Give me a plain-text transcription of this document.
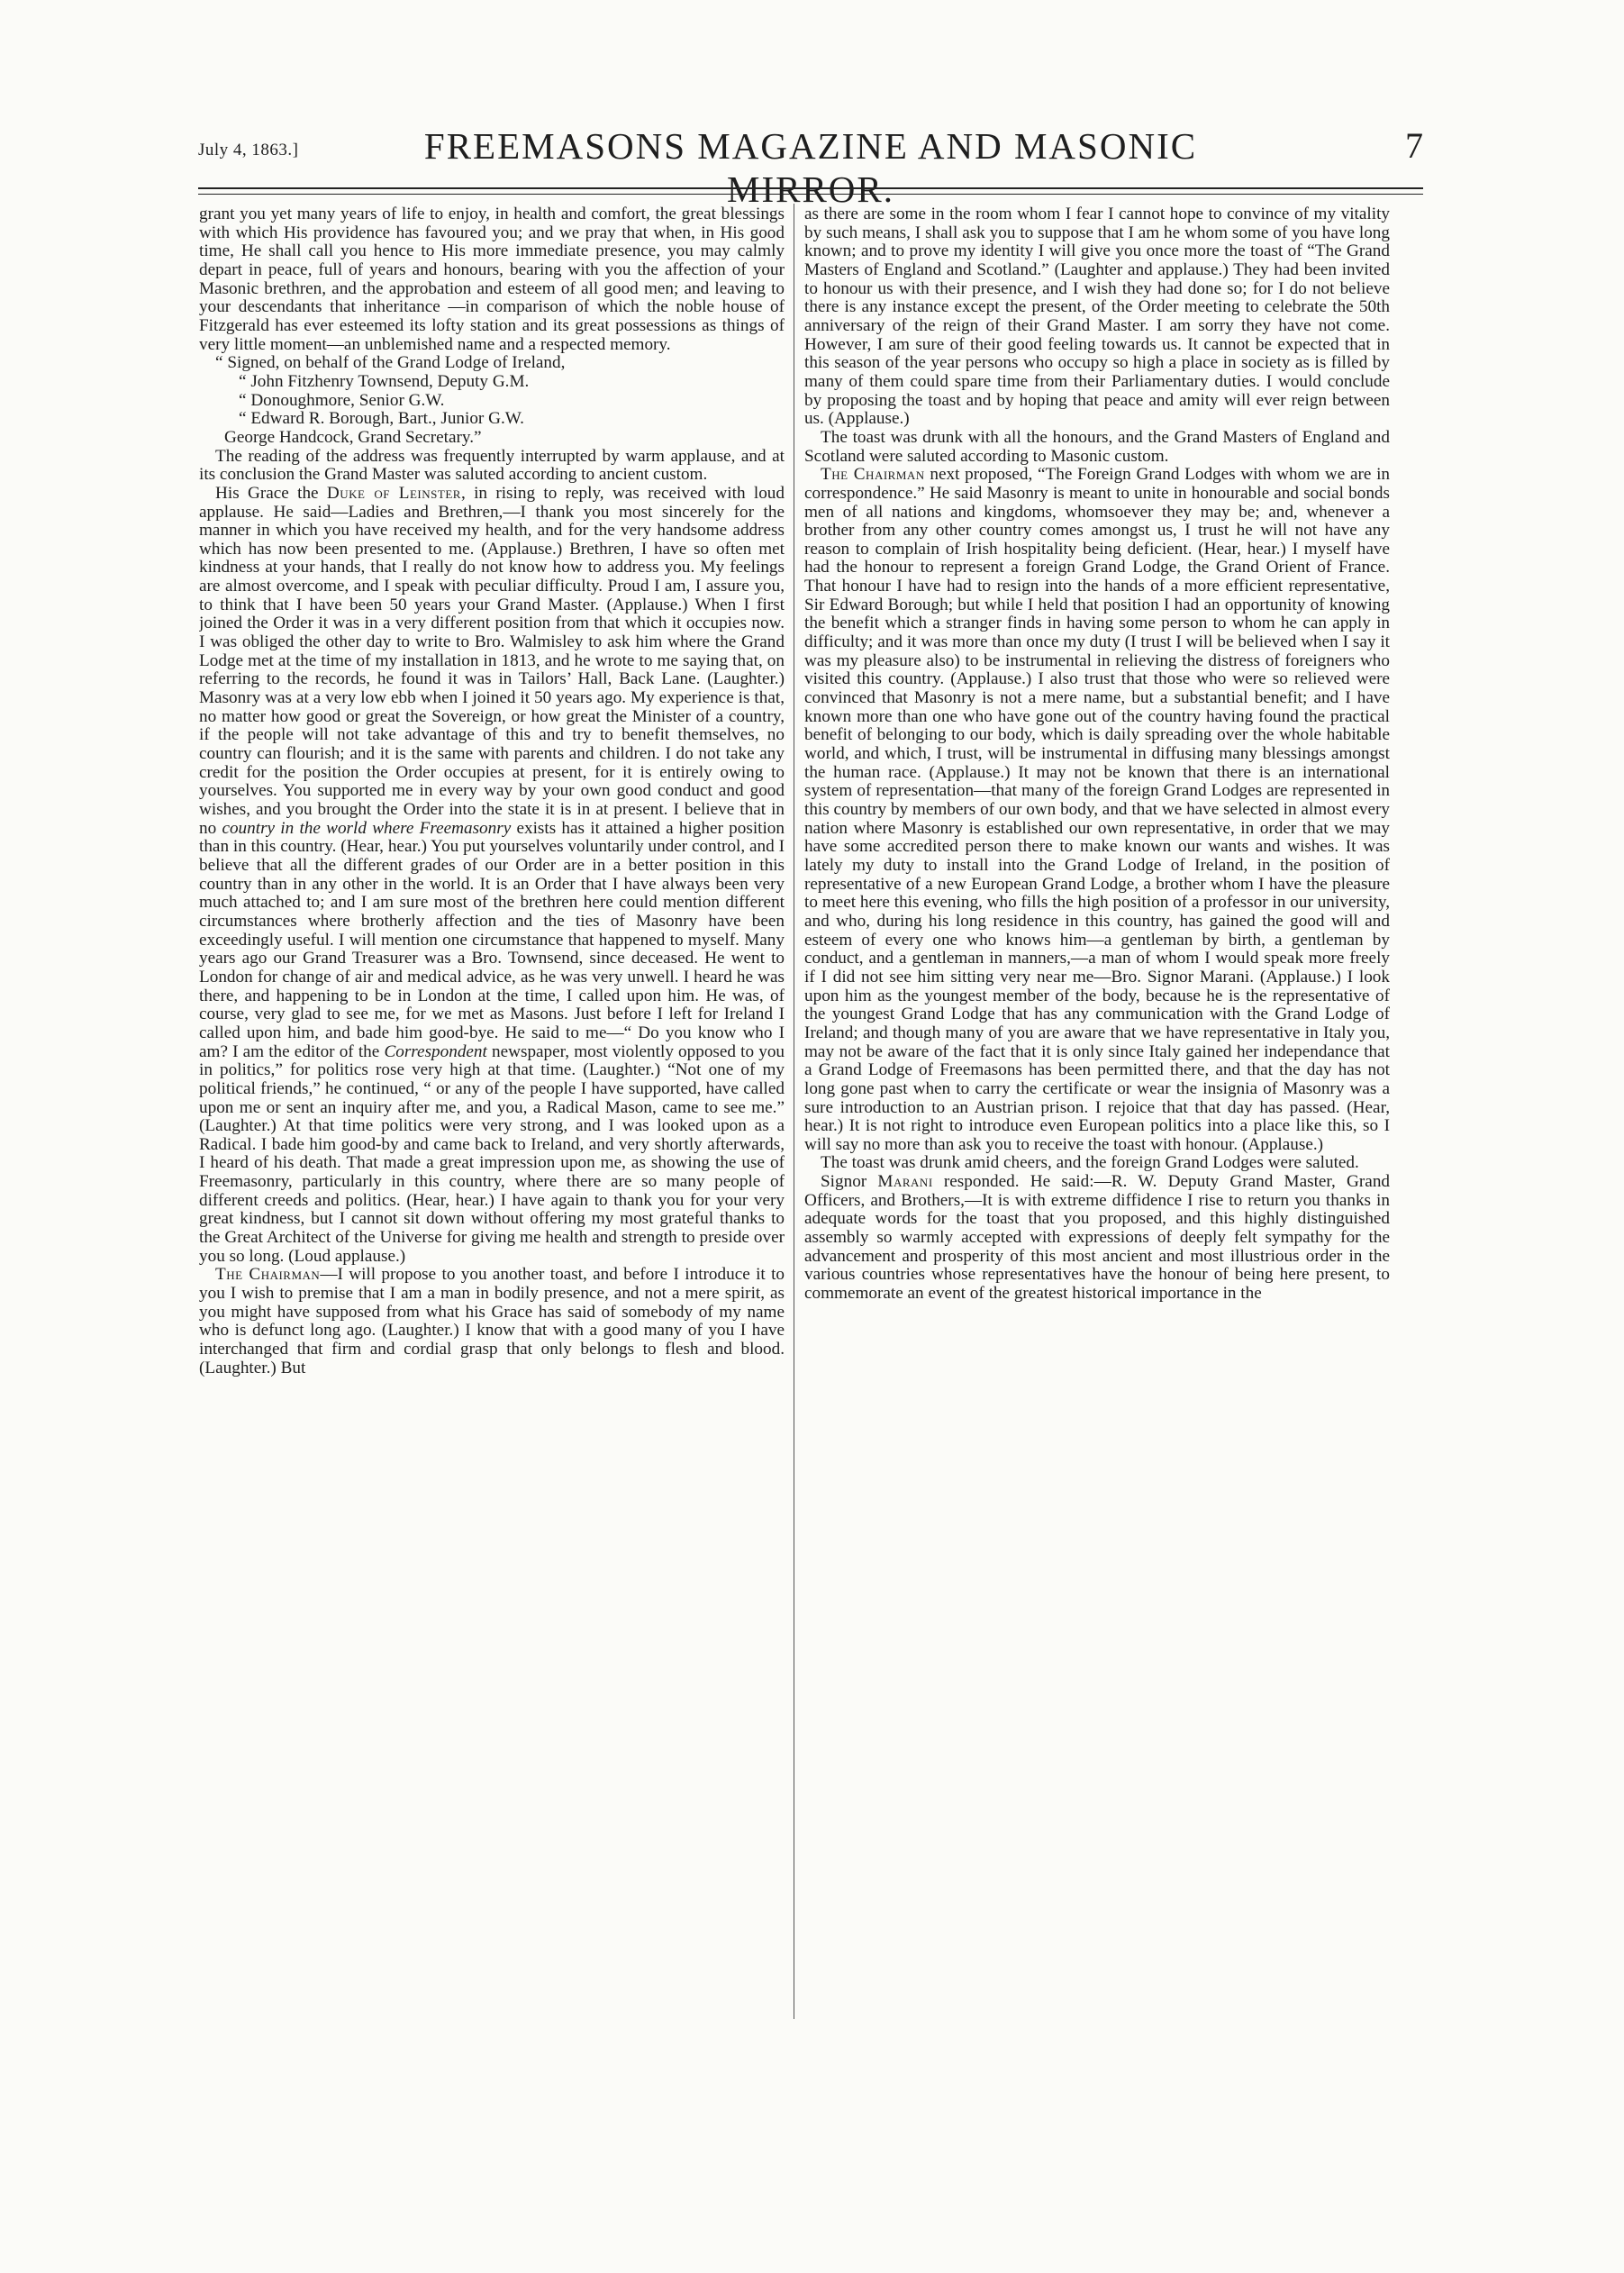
July 4, 1863.]	FREEMASONS MAGAZINE AND MASONIC MIRROR.
7

grant you yet many years of life to enjoy, in health and comfort, the great blessings with which His providence has favoured you; and we pray that when, in His good time, He shall call you hence to His more immediate presence, you may calmly depart in peace, full of years and honours, bearing with you the affection of your Masonic brethren, and the approbation and esteem of all good men; and leaving to your descendants that inheritance —in comparison of which the noble house of Fitzgerald has ever esteemed its lofty station and its great possessions as things of very little moment—an unblemished name and a respected memory.

“ Signed, on behalf of the Grand Lodge of Ireland,

“ John Fitzhenry Townsend, Deputy G.M.

“ Donoughmore, Senior G.W.

“ Edward R. Borough, Bart., Junior G.W.

George Handcock, Grand Secretary.”

The reading of the address was frequently interrupted by warm applause, and at its conclusion the Grand Master was saluted according to ancient custom.

His Grace the Duke of Leinster, in rising to reply, was received with loud applause. He said—Ladies and Brethren,—I thank you most sincerely for the manner in which you have received my health, and for the very handsome address which has now been presented to me. (Applause.) Brethren, I have so often met kindness at your hands, that I really do not know how to address you. My feelings are almost overcome, and I speak with peculiar difficulty. Proud I am, I assure you, to think that I have been 50 years your Grand Master. (Applause.) When I first joined the Order it was in a very different position from that which it occupies now. I was obliged the other day to write to Bro. Walmisley to ask him where the Grand Lodge met at the time of my installation in 1813, and he wrote to me saying that, on referring to the records, he found it was in Tailors’ Hall, Back Lane. (Laughter.) Masonry was at a very low ebb when I joined it 50 years ago. My experience is that, no matter how good or great the Sovereign, or how great the Minister of a country, if the people will not take advantage of this and try to benefit themselves, no country can flourish; and it is the same with parents and children. I do not take any credit for the position the Order occupies at present, for it is entirely owing to yourselves. You supported me in every way by your own good conduct and good wishes, and you brought the Order into the state it is in at present. I believe that in no country in the world where Freemasonry exists has it attained a higher position than in this country. (Hear, hear.) You put yourselves voluntarily under control, and I believe that all the different grades of our Order are in a better position in this country than in any other in the world. It is an Order that I have always been very much attached to; and I am sure most of the brethren here could mention different circumstances where brotherly affection and the ties of Masonry have been exceedingly useful. I will mention one circumstance that happened to myself. Many years ago our Grand Treasurer was a Bro. Townsend, since deceased. He went to London for change of air and medical advice, as he was very unwell. I heard he was there, and happening to be in London at the time, I called upon him. He was, of course, very glad to see me, for we met as Masons. Just before I left for Ireland I called upon him, and bade him good-bye. He said to me—“ Do you know who I am? I am the editor of the Correspondent newspaper, most violently opposed to you in politics,” for politics rose very high at that time. (Laughter.) “Not one of my political friends,” he continued, “ or any of the people I have supported, have called upon me or sent an inquiry after me, and you, a Radical Mason, came to see me.” (Laughter.) At that time politics were very strong, and I was looked upon as a Radical. I bade him good-by and came back to Ireland, and very shortly afterwards, I heard of his death. That made a great impression upon me, as showing the use of Freemasonry, particularly in this country, where there are so many people of different creeds and politics. (Hear, hear.) I have again to thank you for your very great kindness, but I cannot sit down without offering my most grateful thanks to the Great Architect of the Universe for giving me health and strength to preside over you so long. (Loud applause.)

The Chairman—I will propose to you another toast, and before I introduce it to you I wish to premise that I am a man in bodily presence, and not a mere spirit, as you might have supposed from what his Grace has said of somebody of my name who is defunct long ago. (Laughter.) I know that with a good many of you I have interchanged that firm and cordial grasp that only belongs to flesh and blood. (Laughter.) But

as there are some in the room whom I fear I cannot hope to convince of my vitality by such means, I shall ask you to suppose that I am he whom some of you have long known; and to prove my identity I will give you once more the toast of “The Grand Masters of England and Scotland.” (Laughter and applause.) They had been invited to honour us with their presence, and I wish they had done so; for I do not believe there is any instance except the present, of the Order meeting to celebrate the 50th anniversary of the reign of their Grand Master. I am sorry they have not come. However, I am sure of their good feeling towards us. It cannot be expected that in this season of the year persons who occupy so high a place in society as is filled by many of them could spare time from their Parliamentary duties. I would conclude by proposing the toast and by hoping that peace and amity will ever reign between us. (Applause.)

The toast was drunk with all the honours, and the Grand Masters of England and Scotland were saluted according to Masonic custom.

The Chairman next proposed, “The Foreign Grand Lodges with whom we are in correspondence.” He said Masonry is meant to unite in honourable and social bonds men of all nations and kingdoms, whomsoever they may be; and, whenever a brother from any other country comes amongst us, I trust he will not have any reason to complain of Irish hospitality being deficient. (Hear, hear.) I myself have had the honour to represent a foreign Grand Lodge, the Grand Orient of France. That honour I have had to resign into the hands of a more efficient representative, Sir Edward Borough; but while I held that position I had an opportunity of knowing the benefit which a stranger finds in having some person to whom he can apply in difficulty; and it was more than once my duty (I trust I will be believed when I say it was my pleasure also) to be instrumental in relieving the distress of foreigners who visited this country. (Applause.) I also trust that those who were so relieved were convinced that Masonry is not a mere name, but a substantial benefit; and I have known more than one who have gone out of the country having found the practical benefit of belonging to our body, which is daily spreading over the whole habitable world, and which, I trust, will be instrumental in diffusing many blessings amongst the human race. (Applause.) It may not be known that there is an international system of representation—that many of the foreign Grand Lodges are represented in this country by members of our own body, and that we have selected in almost every nation where Masonry is established our own representative, in order that we may have some accredited person there to make known our wants and wishes. It was lately my duty to install into the Grand Lodge of Ireland, in the position of representative of a new European Grand Lodge, a brother whom I have the pleasure to meet here this evening, who fills the high position of a professor in our university, and who, during his long residence in this country, has gained the good will and esteem of every one who knows him—a gentleman by birth, a gentleman by conduct, and a gentleman in manners,—a man of whom I would speak more freely if I did not see him sitting very near me—Bro. Signor Marani. (Applause.) I look upon him as the youngest member of the body, because he is the representative of the youngest Grand Lodge that has any communication with the Grand Lodge of Ireland; and though many of you are aware that we have representative in Italy you, may not be aware of the fact that it is only since Italy gained her independance that a Grand Lodge of Freemasons has been permitted there, and that the day has not long gone past when to carry the certificate or wear the insignia of Masonry was a sure introduction to an Austrian prison. I rejoice that that day has passed. (Hear, hear.) It is not right to introduce even European politics into a place like this, so I will say no more than ask you to receive the toast with honour. (Applause.)

The toast was drunk amid cheers, and the foreign Grand Lodges were saluted.

Signor Marani responded. He said:—R. W. Deputy Grand Master, Grand Officers, and Brothers,—It is with extreme diffidence I rise to return you thanks in adequate words for the toast that you proposed, and this highly distinguished assembly so warmly accepted with expressions of deeply felt sympathy for the advancement and prosperity of this most ancient and most illustrious order in the various countries whose representatives have the honour of being here present, to commemorate an event of the greatest historical importance in the
